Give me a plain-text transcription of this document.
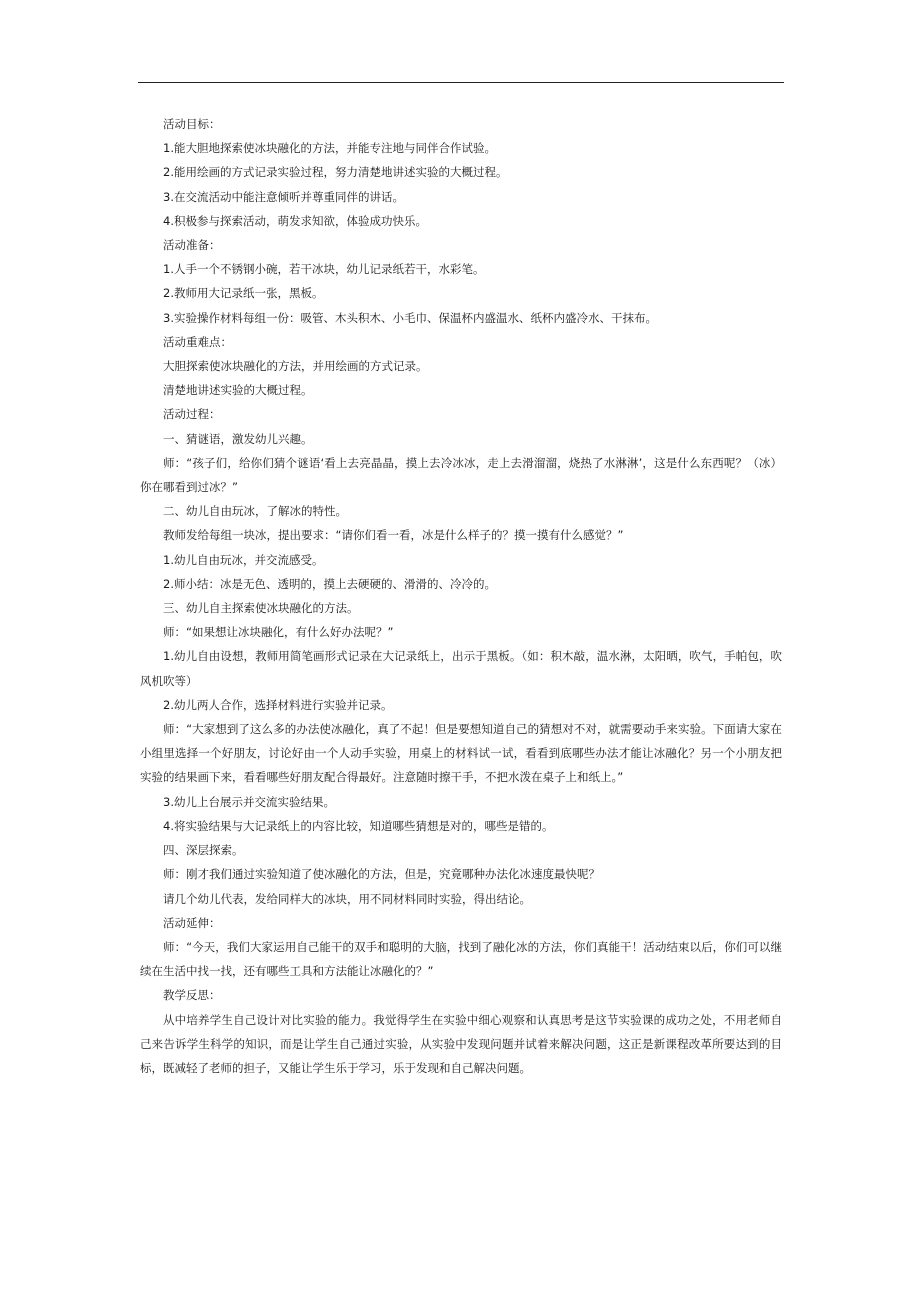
活动目标：

1.能大胆地探索使冰块融化的方法，并能专注地与同伴合作试验。

2.能用绘画的方式记录实验过程，努力清楚地讲述实验的大概过程。

3.在交流活动中能注意倾听并尊重同伴的讲话。

4.积极参与探索活动，萌发求知欲，体验成功快乐。

活动准备：

1.人手一个不锈钢小碗，若干冰块，幼儿记录纸若干，水彩笔。

2.教师用大记录纸一张，黑板。

3.实验操作材料每组一份：吸管、木头积木、小毛巾、保温杯内盛温水、纸杯内盛冷水、干抹布。

活动重难点：

大胆探索使冰块融化的方法，并用绘画的方式记录。

清楚地讲述实验的大概过程。

活动过程：

一、猜谜语，激发幼儿兴趣。

师：“孩子们，给你们猜个谜语‘看上去亮晶晶，摸上去冷冰冰，走上去滑溜溜，烧热了水淋淋’，这是什么东西呢？（冰）你在哪看到过冰？”

二、幼儿自由玩冰，了解冰的特性。

教师发给每组一块冰，提出要求：“请你们看一看，冰是什么样子的？摸一摸有什么感觉？”

1.幼儿自由玩冰，并交流感受。

2.师小结：冰是无色、透明的，摸上去硬硬的、滑滑的、冷冷的。

三、幼儿自主探索使冰块融化的方法。

师：“如果想让冰块融化，有什么好办法呢？”

1.幼儿自由设想，教师用简笔画形式记录在大记录纸上，出示于黑板。（如：积木敲，温水淋，太阳晒，吹气，手帕包，吹风机吹等）

2.幼儿两人合作，选择材料进行实验并记录。

师：“大家想到了这么多的办法使冰融化，真了不起！但是要想知道自己的猜想对不对，就需要动手来实验。下面请大家在小组里选择一个好朋友，讨论好由一个人动手实验，用桌上的材料试一试，看看到底哪些办法才能让冰融化？另一个小朋友把实验的结果画下来，看看哪些好朋友配合得最好。注意随时擦干手，不把水泼在桌子上和纸上。”

3.幼儿上台展示并交流实验结果。

4.将实验结果与大记录纸上的内容比较，知道哪些猜想是对的，哪些是错的。

四、深层探索。

师：刚才我们通过实验知道了使冰融化的方法，但是，究竟哪种办法化冰速度最快呢？

请几个幼儿代表，发给同样大的冰块，用不同材料同时实验，得出结论。

活动延伸：

师：“今天，我们大家运用自己能干的双手和聪明的大脑，找到了融化冰的方法，你们真能干！活动结束以后，你们可以继续在生活中找一找，还有哪些工具和方法能让冰融化的？”

教学反思：

从中培养学生自己设计对比实验的能力。我觉得学生在实验中细心观察和认真思考是这节实验课的成功之处，不用老师自己来告诉学生科学的知识，而是让学生自己通过实验，从实验中发现问题并试着来解决问题，这正是新课程改革所要达到的目标，既减轻了老师的担子，又能让学生乐于学习，乐于发现和自己解决问题。
